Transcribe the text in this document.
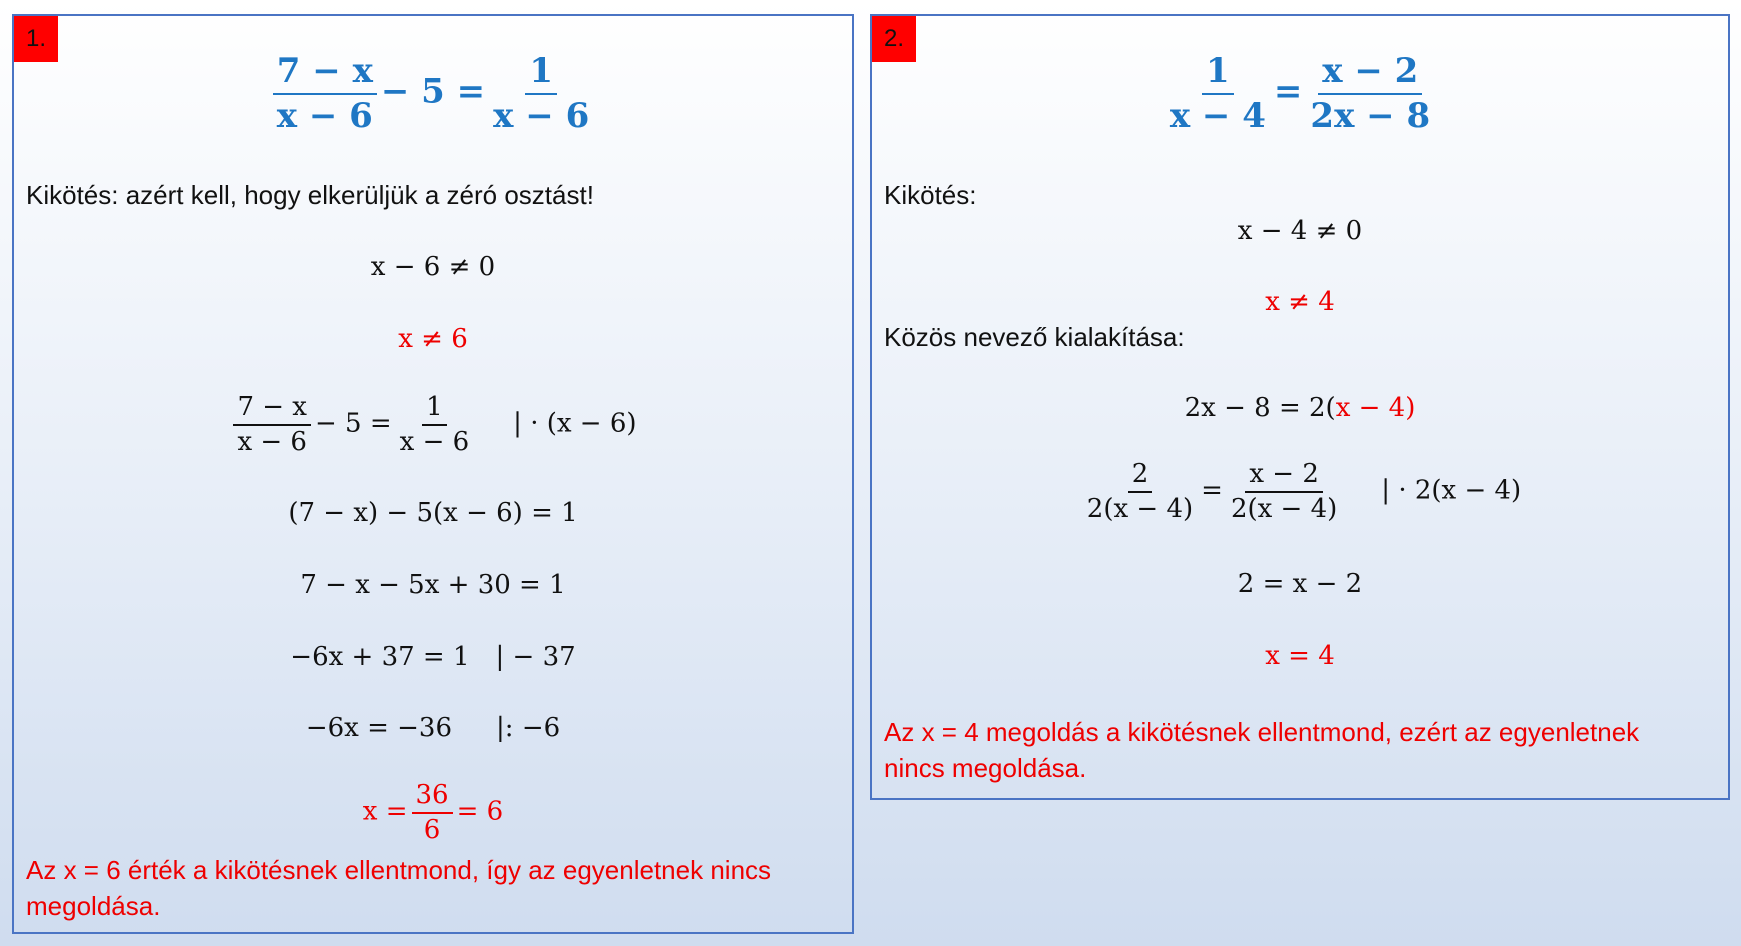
1.
$\frac{7 - x}{x - 6} - 5 = \frac{1}{x - 6}$
Kikötés: azért kell, hogy elkerüljük a zéró osztást!
x − 6 ≠ 0
x ≠ 6
$\frac{7 - x}{x - 6} - 5 = \frac{1}{x - 6}$ | · (x − 6)
(7 − x) − 5(x − 6) = 1
7 − x − 5x + 30 = 1
−6x + 37 = 1 | − 37
−6x = −36 |: −6
$x = \frac{36}{6} = 6$
Az x = 6 érték a kikötésnek ellentmond, így az egyenletnek nincs
megoldása.
2.
$\frac{1}{x - 4} = \frac{x - 2}{2x - 8}$
Kikötés:
x − 4 ≠ 0
x ≠ 4
Közös nevező kialakítása:
2x − 8 = 2(x − 4)
$\frac{2}{2(x - 4)} = \frac{x - 2}{2(x - 4)}$ | · 2(x − 4)
2 = x − 2
x = 4
Az x = 4 megoldás a kikötésnek ellentmond, ezért az egyenletnek
nincs megoldása.
